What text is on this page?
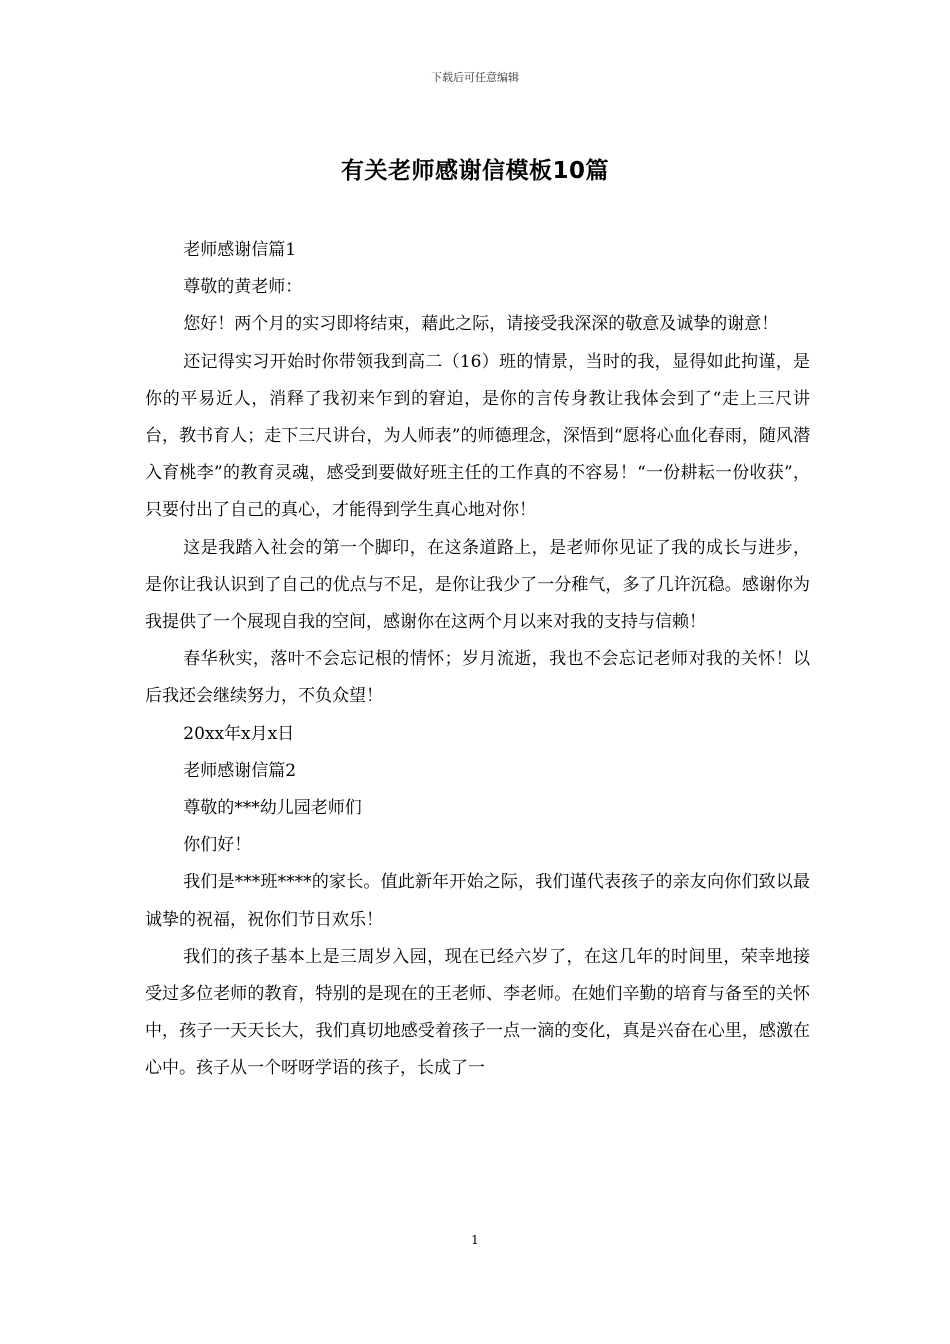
下载后可任意编辑
有关老师感谢信模板10篇

老师感谢信篇1

尊敬的黄老师：

您好！两个月的实习即将结束，藉此之际，请接受我深深的敬意及诚挚的谢意！

还记得实习开始时你带领我到高二（16）班的情景，当时的我，显得如此拘谨，是你的平易近人，消释了我初来乍到的窘迫，是你的言传身教让我体会到了“走上三尺讲台，教书育人；走下三尺讲台，为人师表”的师德理念，深悟到“愿将心血化春雨，随风潜入育桃李”的教育灵魂，感受到要做好班主任的工作真的不容易！“一份耕耘一份收获”，只要付出了自己的真心，才能得到学生真心地对你！

这是我踏入社会的第一个脚印，在这条道路上，是老师你见证了我的成长与进步，是你让我认识到了自己的优点与不足，是你让我少了一分稚气，多了几许沉稳。感谢你为我提供了一个展现自我的空间，感谢你在这两个月以来对我的支持与信赖！

春华秋实，落叶不会忘记根的情怀；岁月流逝，我也不会忘记老师对我的关怀！以后我还会继续努力，不负众望！

20xx年x月x日

老师感谢信篇2

尊敬的***幼儿园老师们

你们好！

我们是***班****的家长。值此新年开始之际，我们谨代表孩子的亲友向你们致以最诚挚的祝福，祝你们节日欢乐！

我们的孩子基本上是三周岁入园，现在已经六岁了，在这几年的时间里，荣幸地接受过多位老师的教育，特别的是现在的王老师、李老师。在她们辛勤的培育与备至的关怀中，孩子一天天长大，我们真切地感受着孩子一点一滴的变化，真是兴奋在心里，感激在心中。孩子从一个呀呀学语的孩子，长成了一

1
